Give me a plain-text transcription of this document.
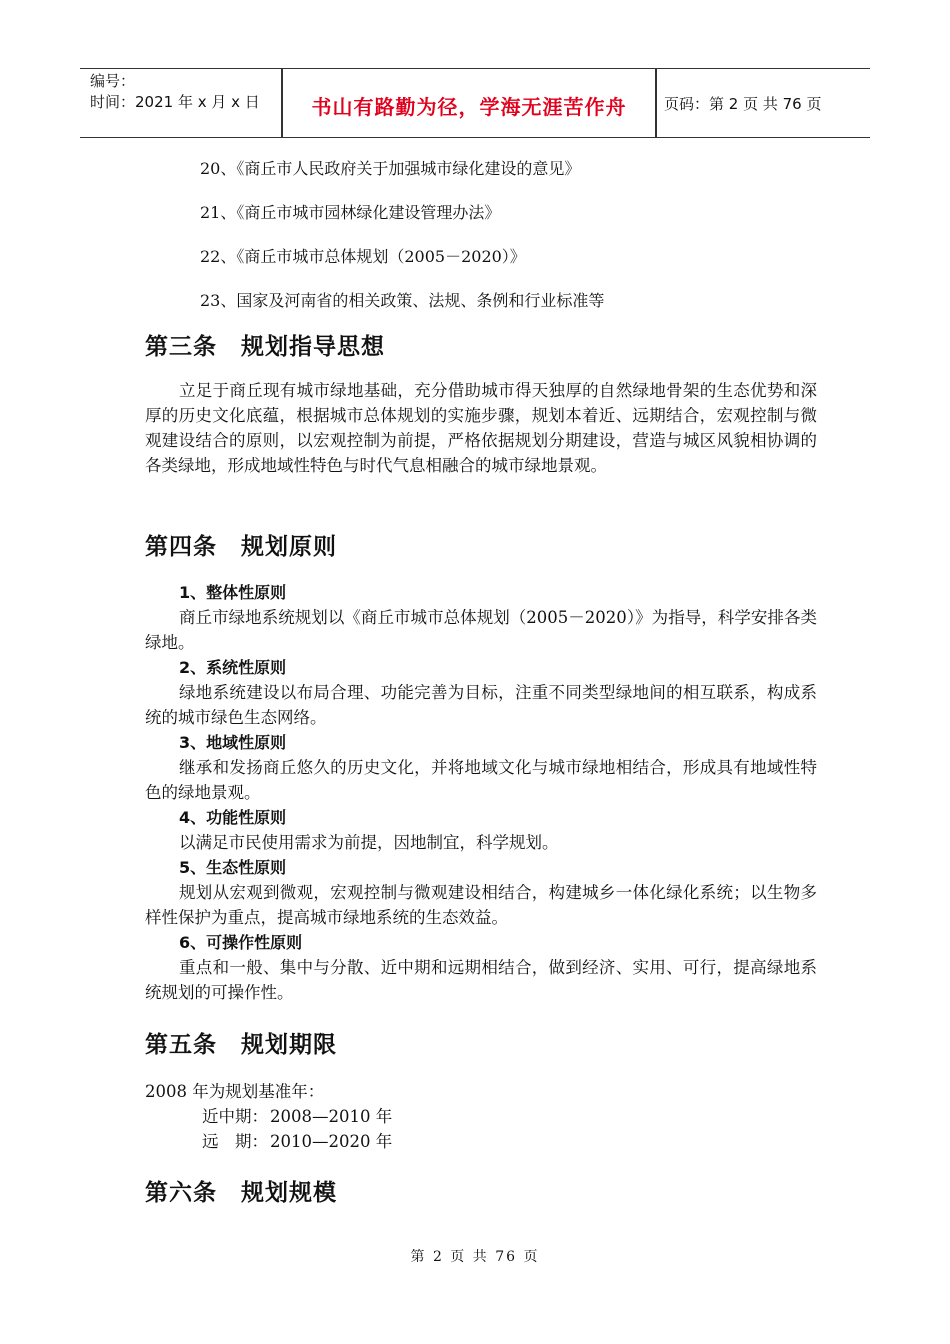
编号：
时间：2021 年 x 月 x 日	书山有路勤为径，学海无涯苦作舟	页码：第 2 页 共 76 页
20、《商丘市人民政府关于加强城市绿化建设的意见》
21、《商丘市城市园林绿化建设管理办法》
22、《商丘市城市总体规划（2005－2020）》
23、国家及河南省的相关政策、法规、条例和行业标准等
第三条　规划指导思想
立足于商丘现有城市绿地基础，充分借助城市得天独厚的自然绿地骨架的生态优势和深厚的历史文化底蕴，根据城市总体规划的实施步骤，规划本着近、远期结合，宏观控制与微观建设结合的原则，以宏观控制为前提，严格依据规划分期建设，营造与城区风貌相协调的各类绿地，形成地域性特色与时代气息相融合的城市绿地景观。
第四条　规划原则
1、整体性原则
商丘市绿地系统规划以《商丘市城市总体规划（2005－2020）》为指导，科学安排各类绿地。
2、系统性原则
绿地系统建设以布局合理、功能完善为目标，注重不同类型绿地间的相互联系，构成系统的城市绿色生态网络。
3、地域性原则
继承和发扬商丘悠久的历史文化，并将地域文化与城市绿地相结合，形成具有地域性特色的绿地景观。
4、功能性原则
以满足市民使用需求为前提，因地制宜，科学规划。
5、生态性原则
规划从宏观到微观，宏观控制与微观建设相结合，构建城乡一体化绿化系统；以生物多样性保护为重点，提高城市绿地系统的生态效益。
6、可操作性原则
重点和一般、集中与分散、近中期和远期相结合，做到经济、实用、可行，提高绿地系统规划的可操作性。
第五条　规划期限
2008 年为规划基准年：
近中期： 2008—2010 年
远　期： 2010—2020 年
第六条　规划规模
第 2 页 共 76 页
